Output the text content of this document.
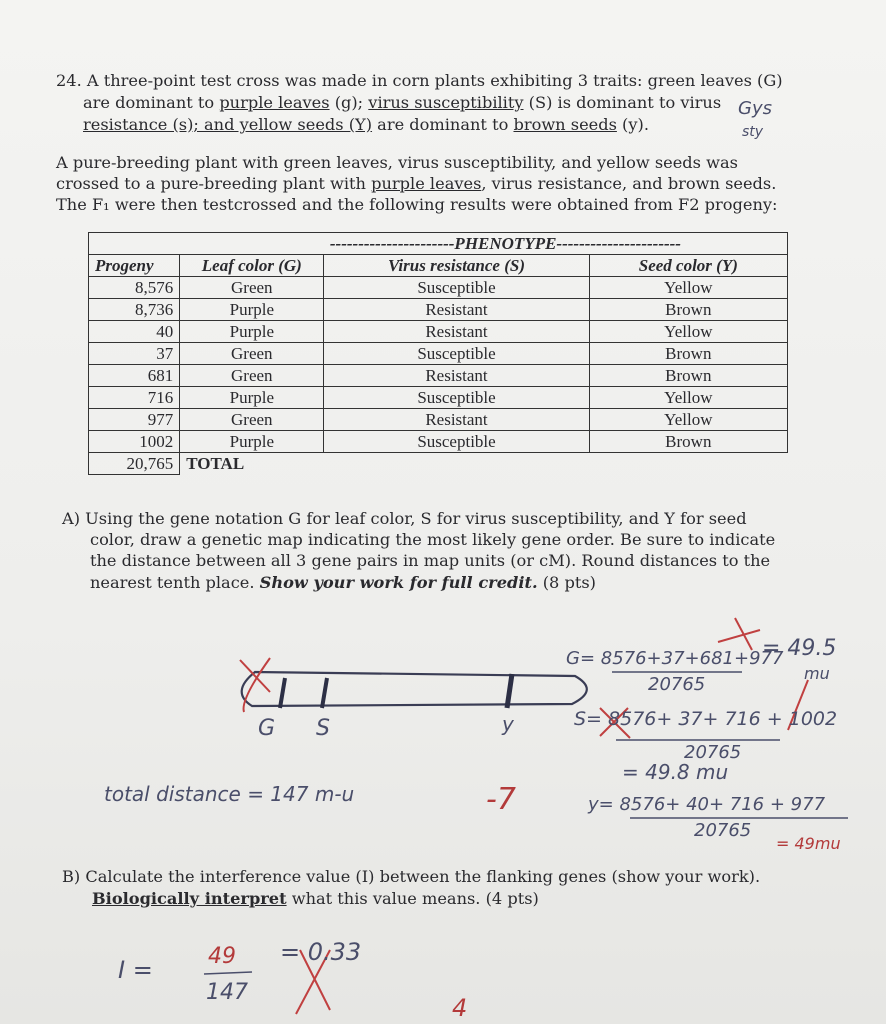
24. A three-point test cross was made in corn plants exhibiting 3 traits: green leaves (G)

are dominant to purple leaves (g); virus susceptibility (S) is dominant to virus

resistance (s); and yellow seeds (Y) are dominant to brown seeds (y).

A pure-breeding plant with green leaves, virus susceptibility, and yellow seeds was

crossed to a pure-breeding plant with purple leaves, virus resistance, and brown seeds.

The F₁ were then testcrossed and the following results were obtained from F2 progeny:

Gys
sty
		----------------------PHENOTYPE----------------------	
Progeny	Leaf color (G)	Virus resistance (S)	Seed color (Y)
8,576	Green	Susceptible	Yellow
8,736	Purple	Resistant	Brown
40	Purple	Resistant	Yellow
37	Green	Susceptible	Brown
681	Green	Resistant	Brown
716	Purple	Susceptible	Yellow
977	Green	Resistant	Yellow
1002	Purple	Susceptible	Brown
20,765	TOTAL		

A) Using the gene notation G for leaf color, S for virus susceptibility, and Y for seed

color, draw a genetic map indicating the most likely gene order. Be sure to indicate

the distance between all 3 gene pairs in map units (or cM). Round distances to the

nearest tenth place. Show your work for full credit. (8 pts)

G S	y
total distance = 147 m-u	-7
G= 8576+37+681+977
20765
= 49.5
mu
S= 8576+ 37+ 716 + 1002
20765
= 49.8 mu
y= 8576+ 40+ 716 + 977
20765
= 49mu

B) Calculate the interference value (I) between the flanking genes (show your work).

Biologically interpret what this value means. (4 pts)

I =	49
147
= 0.33
4
